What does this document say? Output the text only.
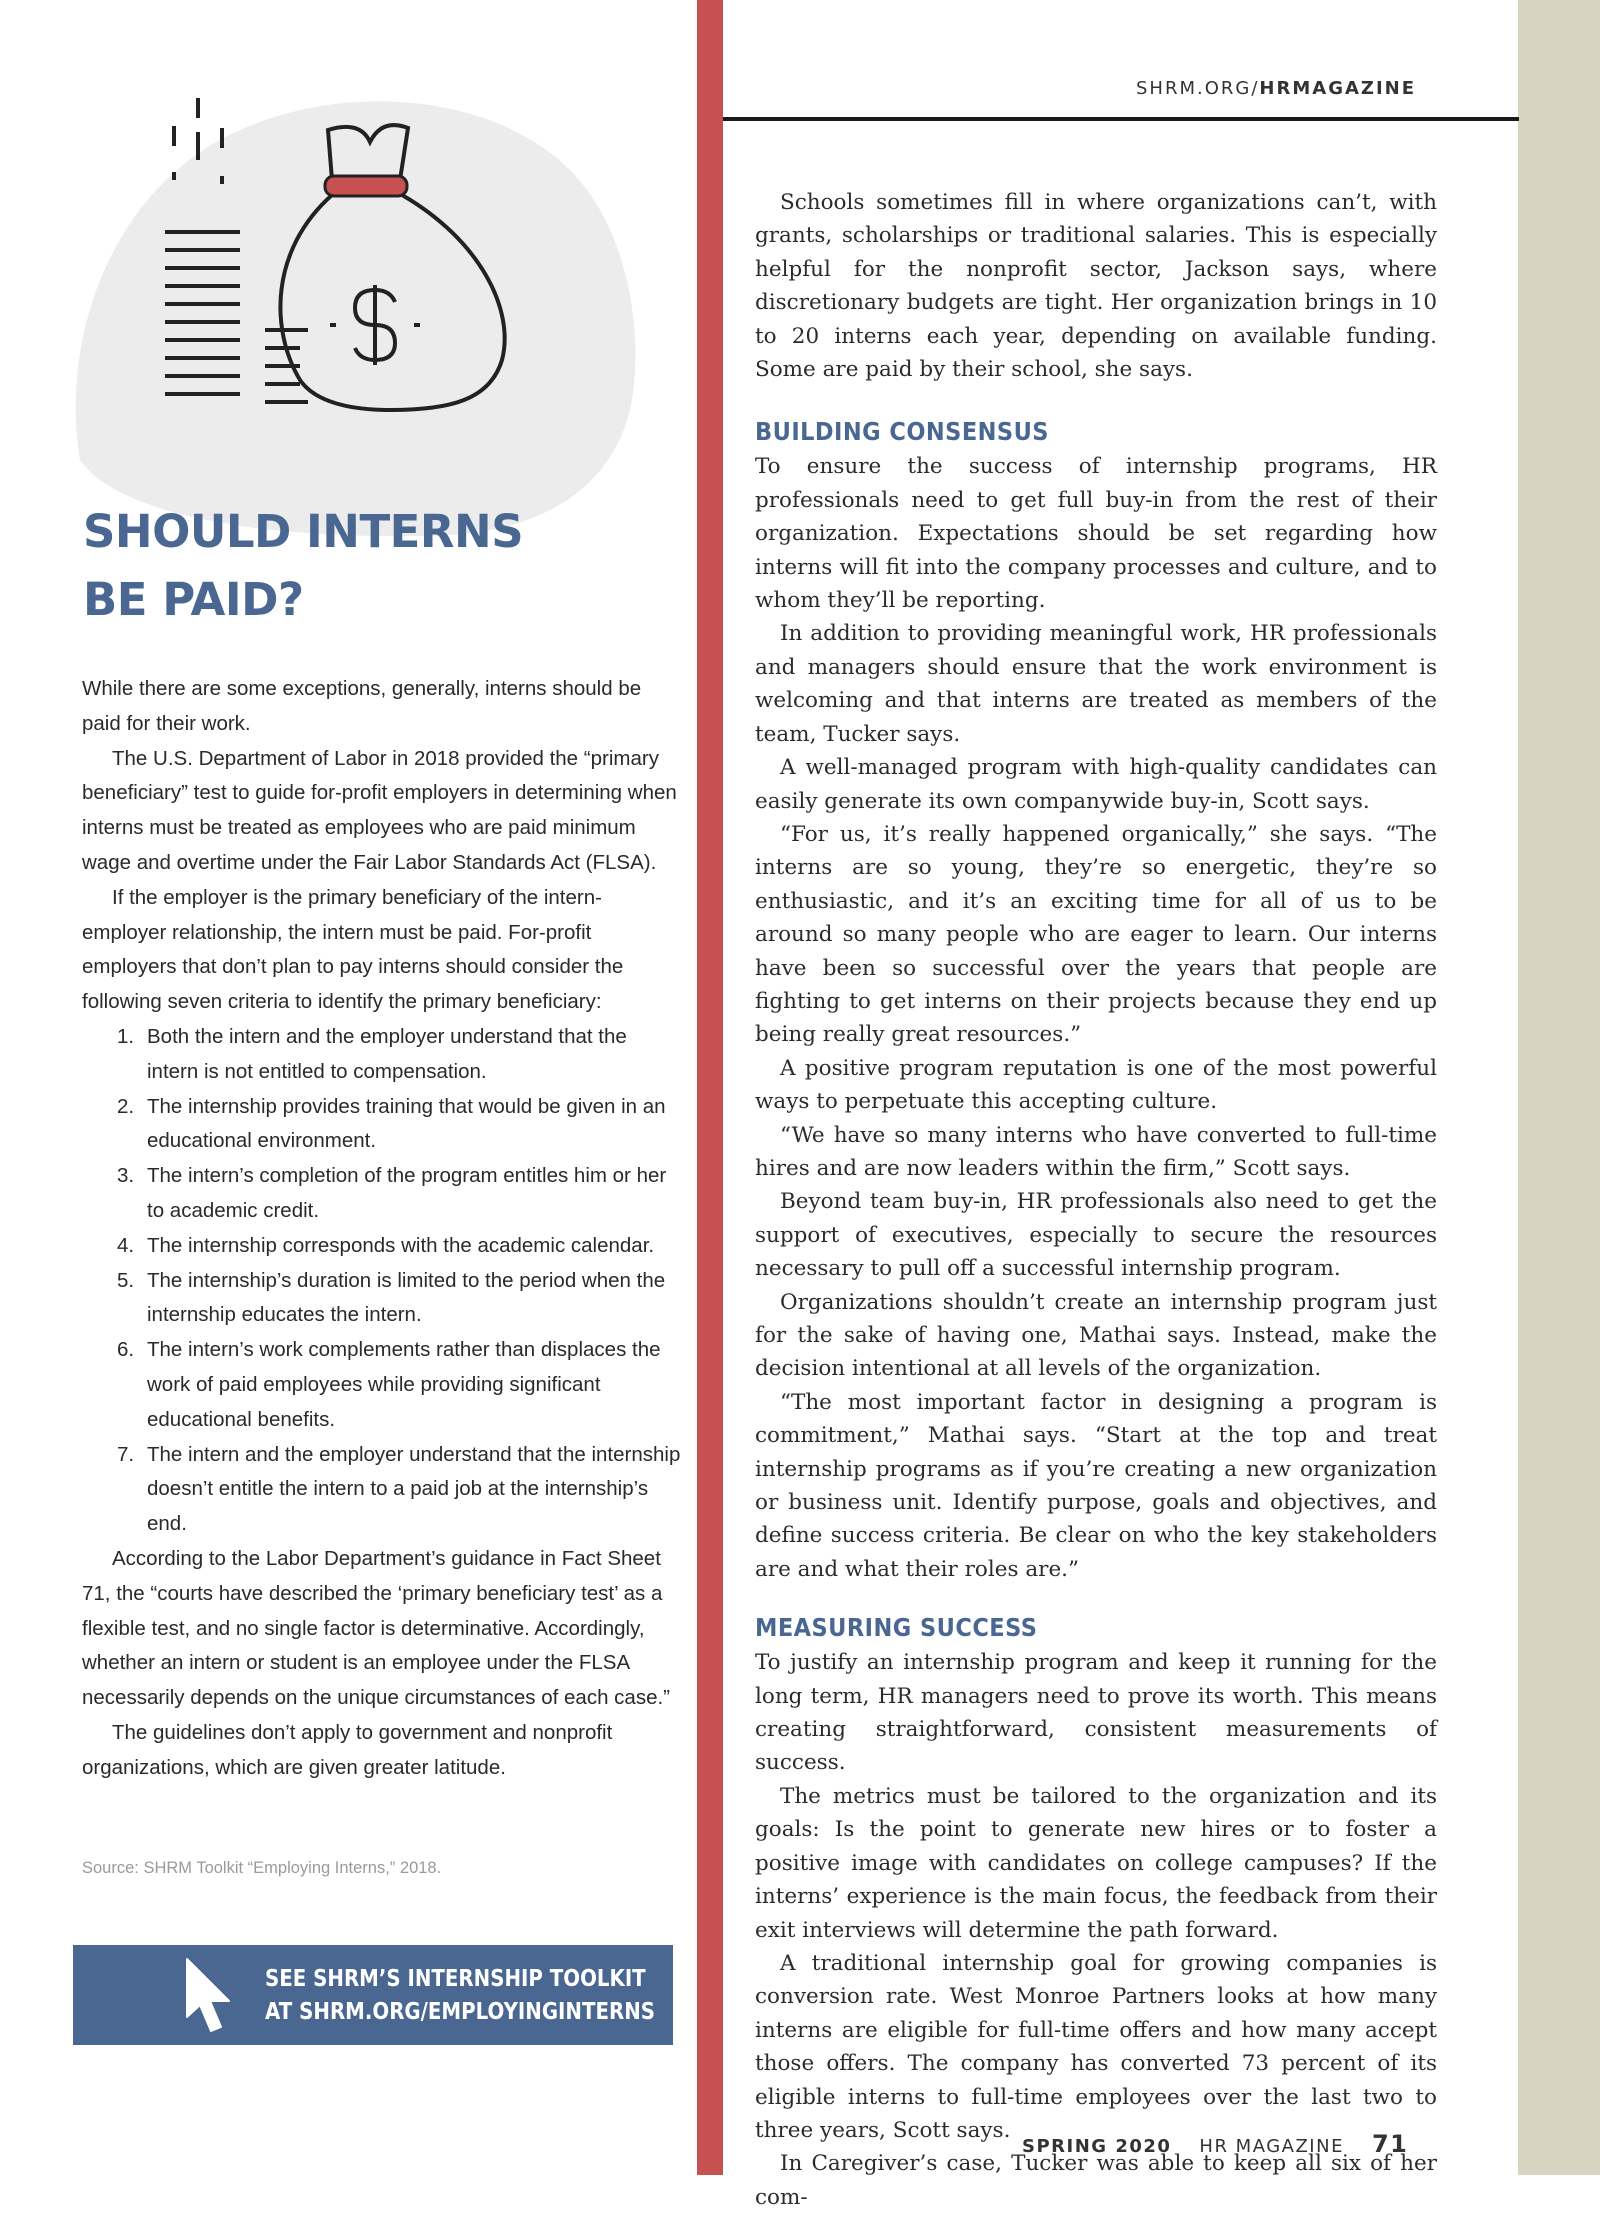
SHOULD INTERNS
BE PAID?

While there are some exceptions, generally, interns should be paid for their work.

The U.S. Department of Labor in 2018 provided the “primary beneficiary” test to guide for-profit employers in determining when interns must be treated as employees who are paid minimum wage and overtime under the Fair Labor Standards Act (FLSA).

If the employer is the primary beneficiary of the intern-employer relationship, the intern must be paid. For-profit employers that don’t plan to pay interns should consider the following seven criteria to identify the primary beneficiary:

1. Both the intern and the employer understand that the intern is not entitled to compensation.
2. The internship provides training that would be given in an educational environment.
3. The intern’s completion of the program entitles him or her to academic credit.
4. The internship corresponds with the academic calendar.
5. The internship’s duration is limited to the period when the internship educates the intern.
6. The intern’s work complements rather than displaces the work of paid employees while providing significant educational benefits.
7. The intern and the employer understand that the internship doesn’t entitle the intern to a paid job at the internship’s end.

According to the Labor Department’s guidance in Fact Sheet 71, the “courts have described the ‘primary beneficiary test’ as a flexible test, and no single factor is determinative. Accordingly, whether an intern or student is an employee under the FLSA necessarily depends on the unique circumstances of each case.”

The guidelines don’t apply to government and nonprofit organizations, which are given greater latitude.

Source: SHRM Toolkit “Employing Interns,” 2018.
SEE SHRM’S INTERNSHIP TOOLKIT
AT SHRM.ORG/EMPLOYINGINTERNS
SHRM.ORG/HRMAGAZINE

Schools sometimes fill in where organizations can’t, with grants, scholarships or traditional salaries. This is especially helpful for the nonprofit sector, Jackson says, where discretionary budgets are tight. Her organization brings in 10 to 20 interns each year, depending on available funding. Some are paid by their school, she says.

BUILDING CONSENSUS

To ensure the success of internship programs, HR professionals need to get full buy-in from the rest of their organization. Expectations should be set regarding how interns will fit into the company processes and culture, and to whom they’ll be reporting.

In addition to providing meaningful work, HR professionals and managers should ensure that the work environment is welcoming and that interns are treated as members of the team, Tucker says.

A well-managed program with high-quality candidates can easily generate its own companywide buy-in, Scott says.

“For us, it’s really happened organically,” she says. “The interns are so young, they’re so energetic, they’re so enthusiastic, and it’s an exciting time for all of us to be around so many people who are eager to learn. Our interns have been so successful over the years that people are fighting to get interns on their projects because they end up being really great resources.”

A positive program reputation is one of the most powerful ways to perpetuate this accepting culture.

“We have so many interns who have converted to full-time hires and are now leaders within the firm,” Scott says.

Beyond team buy-in, HR professionals also need to get the support of executives, especially to secure the resources necessary to pull off a successful internship program.

Organizations shouldn’t create an internship program just for the sake of having one, Mathai says. Instead, make the decision intentional at all levels of the organization.

“The most important factor in designing a program is commitment,” Mathai says. “Start at the top and treat internship programs as if you’re creating a new organization or business unit. Identify purpose, goals and objectives, and define success criteria. Be clear on who the key stakeholders are and what their roles are.”

MEASURING SUCCESS

To justify an internship program and keep it running for the long term, HR managers need to prove its worth. This means creating straightforward, consistent measurements of success.

The metrics must be tailored to the organization and its goals: Is the point to generate new hires or to foster a positive image with candidates on college campuses? If the interns’ experience is the main focus, the feedback from their exit interviews will determine the path forward.

A traditional internship goal for growing companies is conversion rate. West Monroe Partners looks at how many interns are eligible for full-time offers and how many accept those offers. The company has converted 73 percent of its eligible interns to full-time employees over the last two to three years, Scott says.

In Caregiver’s case, Tucker was able to keep all six of her com-

SPRING 2020 HR MAGAZINE 71
